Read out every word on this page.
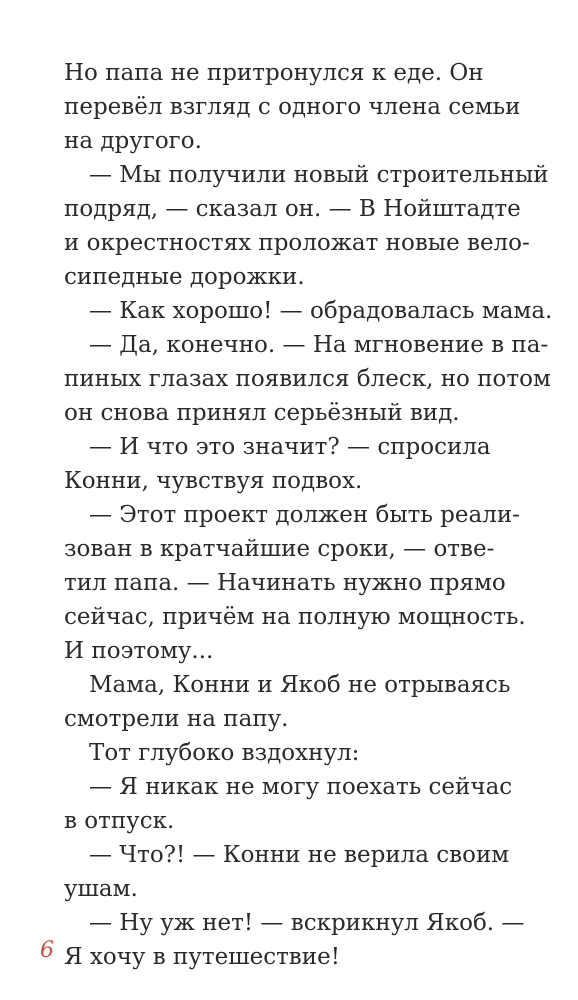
Но папа не притронулся к еде. Он
перевёл взгляд с одного члена семьи
на другого.
— Мы получили новый строительный
подряд, — сказал он. — В Нойштадте
и окрестностях проложат новые вело-
сипедные дорожки.
— Как хорошо! — обрадовалась мама.
— Да, конечно. — На мгновение в па-
пиных глазах появился блеск, но потом
он снова принял серьёзный вид.
— И что это значит? — спросила
Конни, чувствуя подвох.
— Этот проект должен быть реали-
зован в кратчайшие сроки, — отве-
тил папа. — Начинать нужно прямо
сейчас, причём на полную мощность.
И поэтому...
Мама, Конни и Якоб не отрываясь
смотрели на папу.
Тот глубоко вздохнул:
— Я никак не могу поехать сейчас
в отпуск.
— Что?! — Конни не верила своим
ушам.
— Ну уж нет! — вскрикнул Якоб. —
Я хочу в путешествие!
6
